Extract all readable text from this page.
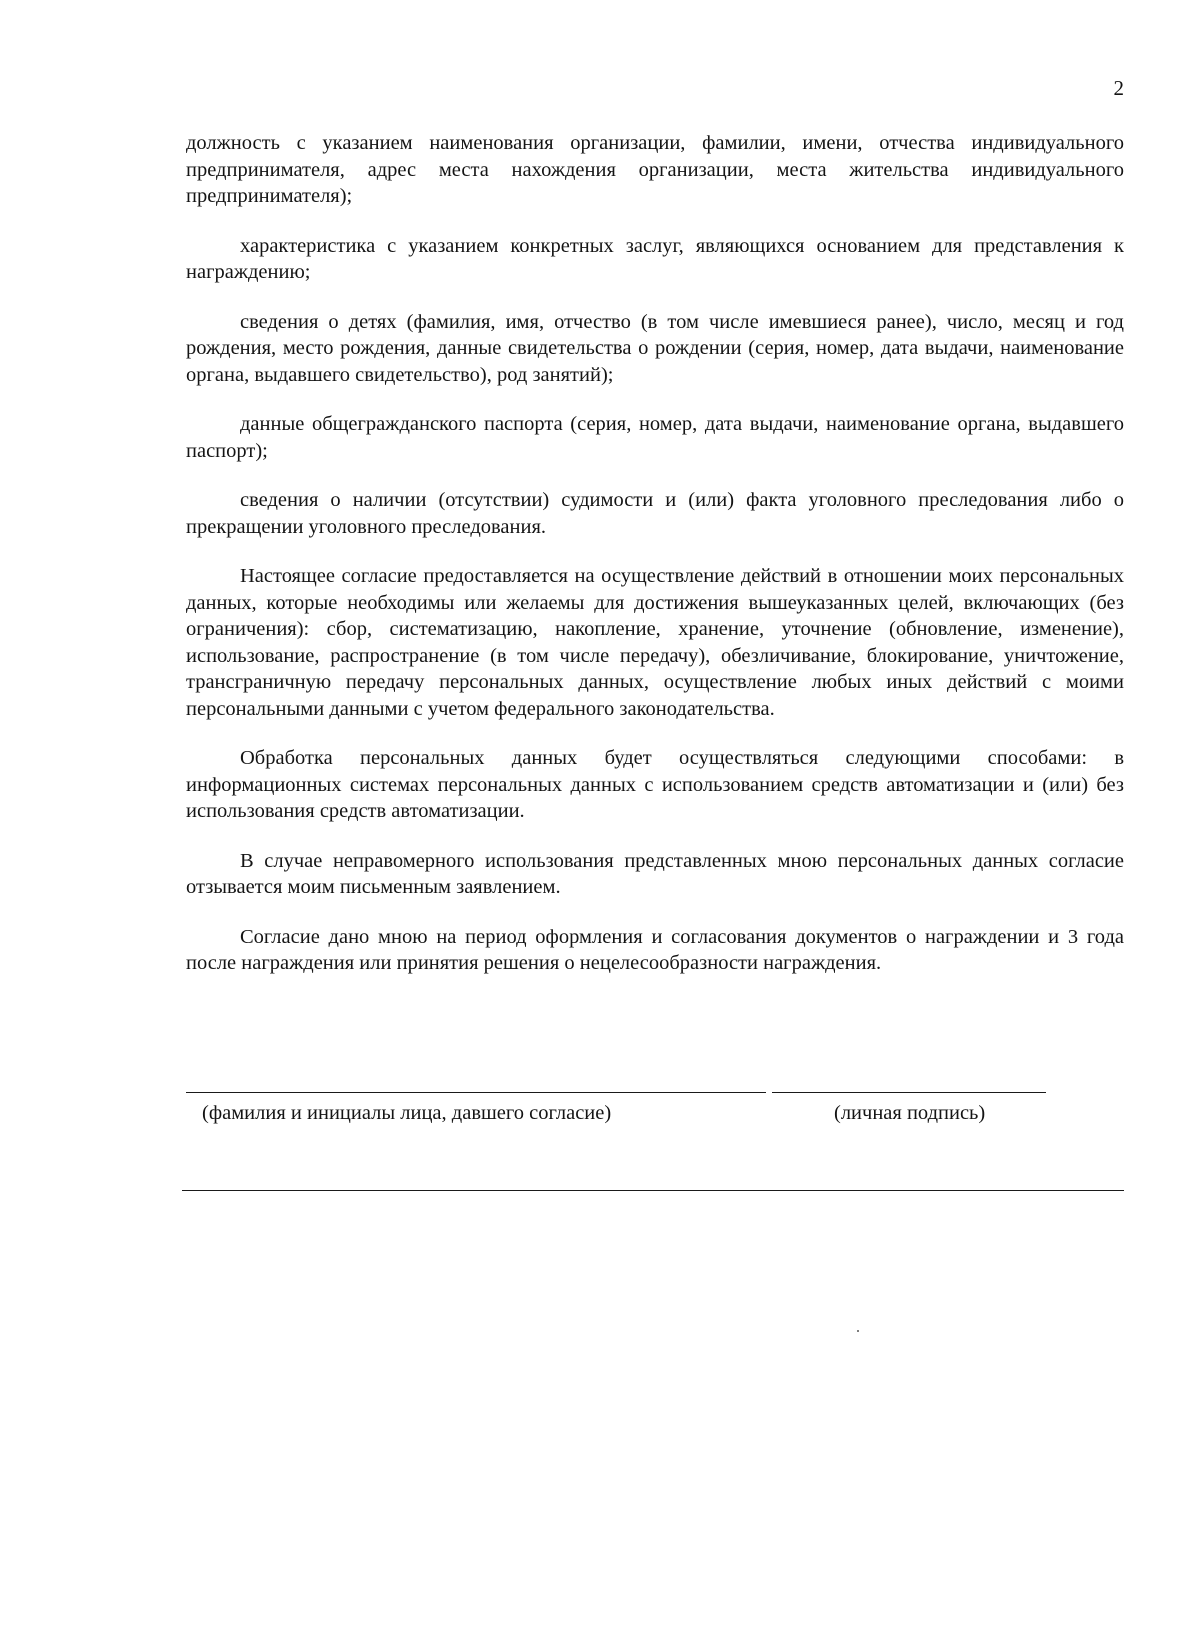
2

должность с указанием наименования организации, фамилии, имени, отчества индивидуального предпринимателя, адрес места нахождения организации, места жительства индивидуального предпринимателя);

характеристика с указанием конкретных заслуг, являющихся основанием для представления к награждению;

сведения о детях (фамилия, имя, отчество (в том числе имевшиеся ранее), число, месяц и год рождения, место рождения, данные свидетельства о рождении (серия, номер, дата выдачи, наименование органа, выдавшего свидетельство), род занятий);

данные общегражданского паспорта (серия, номер, дата выдачи, наименование органа, выдавшего паспорт);

сведения о наличии (отсутствии) судимости и (или) факта уголовного преследования либо о прекращении уголовного преследования.

Настоящее согласие предоставляется на осуществление действий в отношении моих персональных данных, которые необходимы или желаемы для достижения вышеуказанных целей, включающих (без ограничения): сбор, систематизацию, накопление, хранение, уточнение (обновление, изменение), использование, распространение (в том числе передачу), обезличивание, блокирование, уничтожение, трансграничную передачу персональных данных, осуществление любых иных действий с моими персональными данными с учетом федерального законодательства.

Обработка персональных данных будет осуществляться следующими способами: в информационных системах персональных данных с использованием средств автоматизации и (или) без использования средств автоматизации.

В случае неправомерного использования представленных мною персональных данных согласие отзывается моим письменным заявлением.

Согласие дано мною на период оформления и согласования документов о награждении и 3 года после награждения или принятия решения о нецелесообразности награждения.

(фамилия и инициалы лица, давшего согласие)	(личная подпись)
